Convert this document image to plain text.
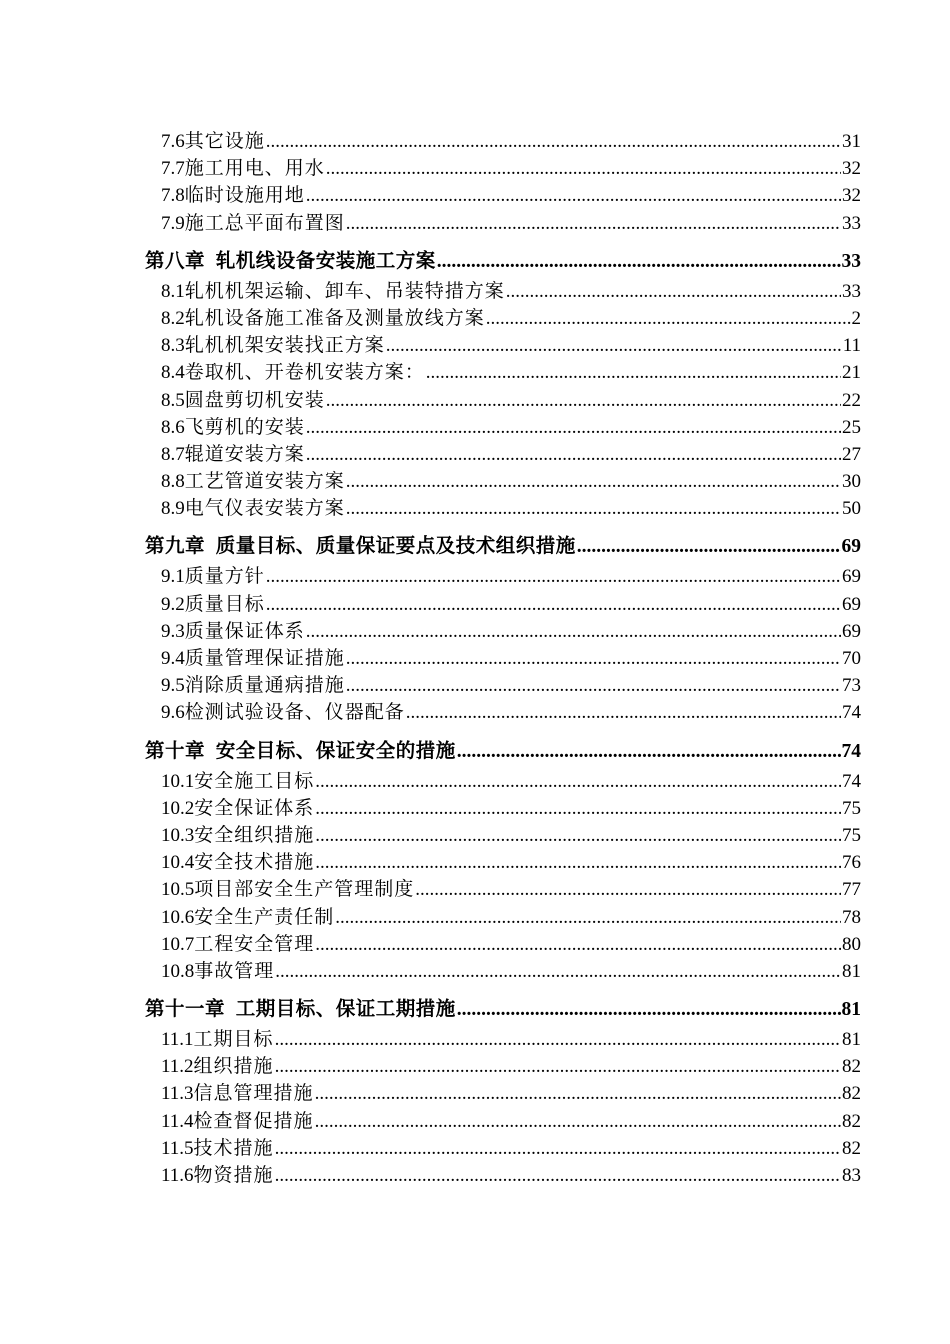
7.6其它设施 .....	31
7.7施工用电、用水 .....	32
7.8临时设施用地 .....	32
7.9施工总平面布置图 .....	33
第八章 轧机线设备安装施工方案 .....	33
8.1轧机机架运输、卸车、吊装特措方案 .....	33
8.2轧机设备施工准备及测量放线方案 .....	2
8.3轧机机架安装找正方案 .....	11
8.4卷取机、开卷机安装方案： .....	21
8.5圆盘剪切机安装 .....	22
8.6飞剪机的安装 .....	25
8.7辊道安装方案 .....	27
8.8工艺管道安装方案 .....	30
8.9电气仪表安装方案 .....	50
第九章 质量目标、质量保证要点及技术组织措施 .....	69
9.1质量方针 .....	69
9.2质量目标 .....	69
9.3质量保证体系 .....	69
9.4质量管理保证措施 .....	70
9.5消除质量通病措施 .....	73
9.6检测试验设备、仪器配备 .....	74
第十章 安全目标、保证安全的措施 .....	74
10.1安全施工目标 .....	74
10.2安全保证体系 .....	75
10.3安全组织措施 .....	75
10.4安全技术措施 .....	76
10.5项目部安全生产管理制度 .....	77
10.6安全生产责任制 .....	78
10.7工程安全管理 .....	80
10.8事故管理 .....	81
第十一章 工期目标、保证工期措施 .....	81
11.1工期目标 .....	81
11.2组织措施 .....	82
11.3信息管理措施 .....	82
11.4检查督促措施 .....	82
11.5技术措施 .....	82
11.6物资措施 .....	83
